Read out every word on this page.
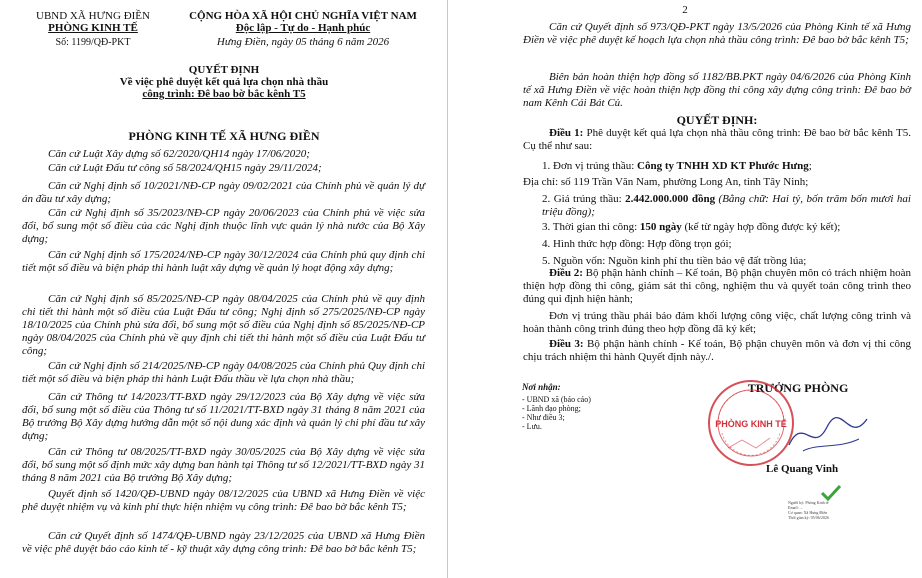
UBND XÃ HƯNG ĐIỀN
PHÒNG KINH TẾ
Số: 1199/QĐ-PKT
CỘNG HÒA XÃ HỘI CHỦ NGHĨA VIỆT NAM
Độc lập - Tự do - Hạnh phúc
Hưng Điền, ngày 05 tháng 6 năm 2026
QUYẾT ĐỊNH
Về việc phê duyệt kết quả lựa chọn nhà thầu
công trình: Đê bao bờ bắc kênh T5
PHÒNG KINH TẾ XÃ HƯNG ĐIỀN
Căn cứ Luật Xây dựng số 62/2020/QH14 ngày 17/06/2020;
Căn cứ Luật Đấu tư công số 58/2024/QH15 ngày 29/11/2024;
Căn cứ Nghị định số 10/2021/NĐ-CP ngày 09/02/2021 của Chính phủ về quản lý dự án đầu tư xây dựng;
Căn cứ Nghị định số 35/2023/NĐ-CP ngày 20/06/2023 của Chính phủ về việc sửa đổi, bổ sung một số điều của các Nghị định thuộc lĩnh vực quản lý nhà nước của Bộ Xây dựng;
Căn cứ Nghị định số 175/2024/NĐ-CP ngày 30/12/2024 của Chính phủ quy định chi tiết một số điều và biện pháp thi hành luật xây dựng về quản lý hoạt động xây dựng;
Căn cứ Nghị định số 85/2025/NĐ-CP ngày 08/04/2025 của Chính phủ về quy định chi tiết thi hành một số điều của Luật Đấu tư công; Nghị định số 275/2025/NĐ-CP ngày 18/10/2025 của Chính phủ sửa đổi, bổ sung một số điều của Nghị định số 85/2025/NĐ-CP ngày 08/04/2025 của Chính phủ về quy định chi tiết thi hành một số điều của Luật Đấu tư công;
Căn cứ Nghị định số 214/2025/NĐ-CP ngày 04/08/2025 của Chính phủ Quy định chi tiết một số điều và biện pháp thi hành Luật Đấu thầu về lựa chọn nhà thầu;
Căn cứ Thông tư 14/2023/TT-BXD ngày 29/12/2023 của Bộ Xây dựng về việc sửa đổi, bổ sung một số điều của Thông tư số 11/2021/TT-BXD ngày 31 tháng 8 năm 2021 của Bộ trưởng Bộ Xây dựng hướng dẫn một số nội dung xác định và quản lý chi phí đầu tư xây dựng;
Căn cứ Thông tư 08/2025/TT-BXD ngày 30/05/2025 của Bộ Xây dựng về việc sửa đổi, bổ sung một số định mức xây dựng ban hành tại Thông tư số 12/2021/TT-BXD ngày 31 tháng 8 năm 2021 của Bộ trưởng Bộ Xây dựng;
Quyết định số 1420/QĐ-UBND ngày 08/12/2025 của UBND xã Hưng Điền về việc phê duyệt nhiệm vụ và kinh phí thực hiện nhiệm vụ công trình: Đê bao bờ bắc kênh T5;
Căn cứ Quyết định số 1474/QĐ-UBND ngày 23/12/2025 của UBND xã Hưng Điền về việc phê duyệt báo cáo kinh tế - kỹ thuật xây dựng công trình: Đê bao bờ bắc kênh T5;
2
Căn cứ Quyết định số 973/QĐ-PKT ngày 13/5/2026 của Phòng Kinh tế xã Hưng Điền về việc phê duyệt kế hoạch lựa chọn nhà thầu công trình: Đê bao bờ bắc kênh T5;
Biên bản hoàn thiện hợp đồng số 1182/BB.PKT ngày 04/6/2026 của Phòng Kinh tế xã Hưng Điền về việc hoàn thiện hợp đồng thi công xây dựng công trình: Đê bao bờ nam Kênh Cái Bát Củ.
QUYẾT ĐỊNH:
Điều 1: Phê duyệt kết quả lựa chọn nhà thầu công trình: Đê bao bờ bắc kênh T5. Cụ thể như sau:
1. Đơn vị trúng thầu: Công ty TNHH XD KT Phước Hưng;
Địa chỉ: số 119 Trần Văn Nam, phường Long An, tỉnh Tây Ninh;
2. Giá trúng thầu: 2.442.000.000 đồng (Bằng chữ: Hai tỷ, bốn trăm bốn mươi hai triệu đồng);
3. Thời gian thi công: 150 ngày (kể từ ngày hợp đồng được ký kết);
4. Hình thức hợp đồng: Hợp đồng trọn gói;
5. Nguồn vốn: Nguồn kinh phí thu tiền bảo vệ đất trồng lúa;
Điều 2: Bộ phận hành chính – Kế toán, Bộ phận chuyên môn có trách nhiệm hoàn thiện hợp đồng thi công, giám sát thi công, nghiệm thu và quyết toán công trình theo đúng qui định hiện hành;
Đơn vị trúng thầu phải bảo đảm khối lượng công việc, chất lượng công trình và hoàn thành công trình đúng theo hợp đồng đã ký kết;
Điều 3: Bộ phận hành chính - Kế toán, Bộ phận chuyên môn và đơn vị thi công chịu trách nhiệm thi hành Quyết định này./.
Nơi nhận:
- UBND xã (báo cáo)
- Lãnh đạo phòng;
- Như điều 3;
- Lưu.
TRƯỞNG PHÒNG
PHÒNG KINH TẾ
Lê Quang Vinh
Người ký: Phòng Kinh tế
Email: ...
Cơ quan: Xã Hưng Điền
Thời gian ký: 05/06/2026
